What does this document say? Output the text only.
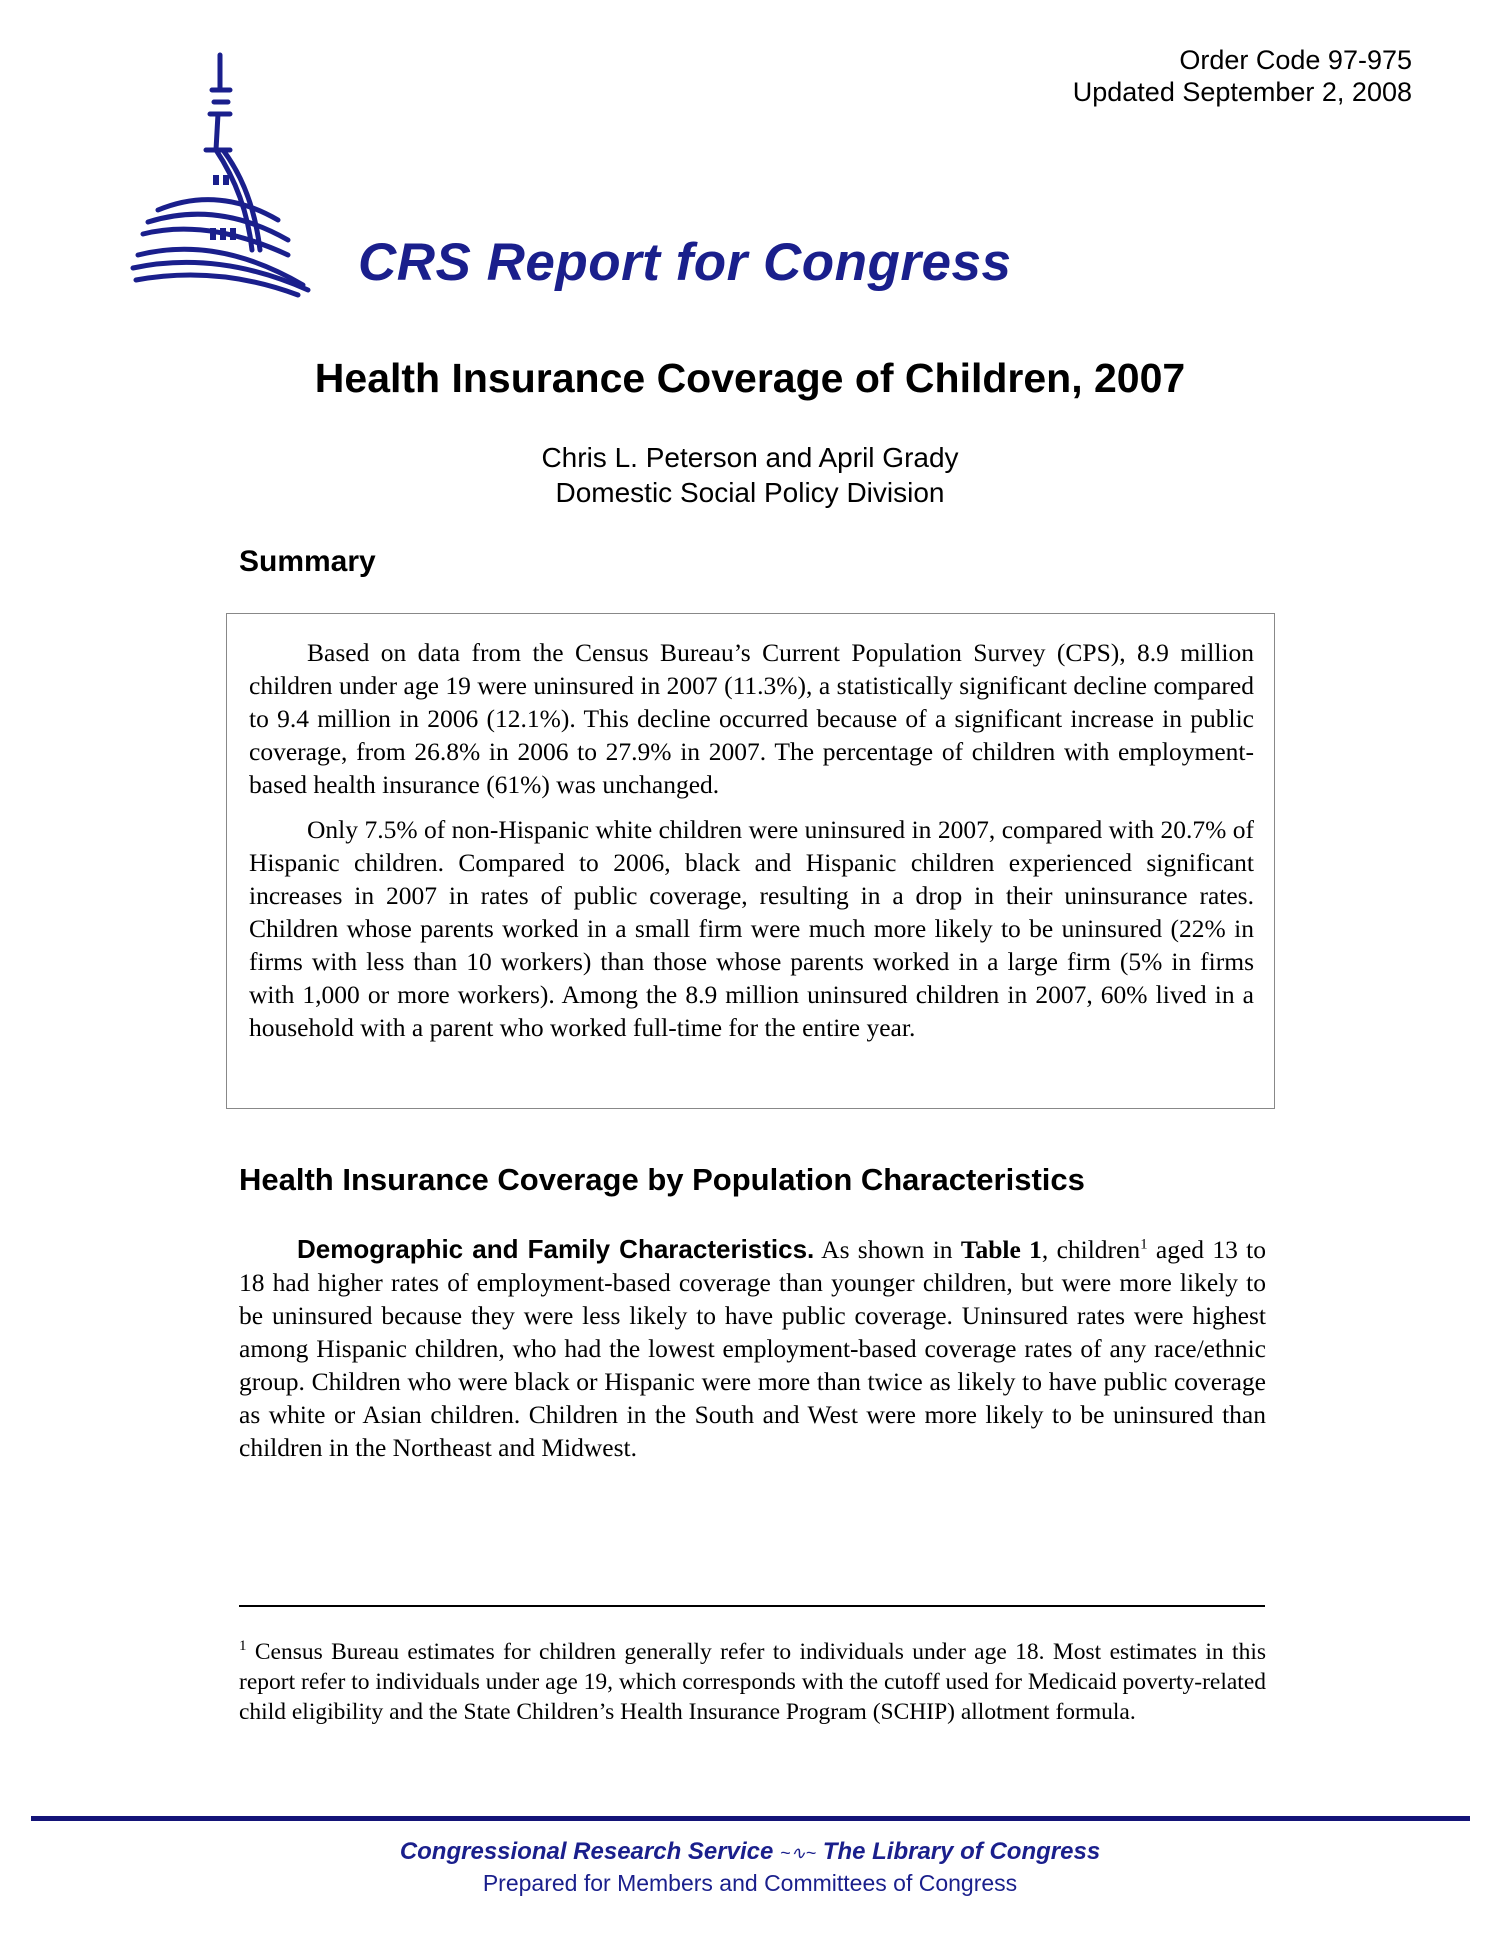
Order Code 97-975
Updated September 2, 2008
CRS Report for Congress
Health Insurance Coverage of Children, 2007
Chris L. Peterson and April Grady
Domestic Social Policy Division
Summary

Based on data from the Census Bureau’s Current Population Survey (CPS), 8.9 million children under age 19 were uninsured in 2007 (11.3%), a statistically significant decline compared to 9.4 million in 2006 (12.1%). This decline occurred because of a significant increase in public coverage, from 26.8% in 2006 to 27.9% in 2007. The percentage of children with employment-based health insurance (61%) was unchanged.

Only 7.5% of non-Hispanic white children were uninsured in 2007, compared with 20.7% of Hispanic children. Compared to 2006, black and Hispanic children experienced significant increases in 2007 in rates of public coverage, resulting in a drop in their uninsurance rates. Children whose parents worked in a small firm were much more likely to be uninsured (22% in firms with less than 10 workers) than those whose parents worked in a large firm (5% in firms with 1,000 or more workers). Among the 8.9 million uninsured children in 2007, 60% lived in a household with a parent who worked full-time for the entire year.

Health Insurance Coverage by Population Characteristics

Demographic and Family Characteristics. As shown in Table 1, children$^1$ aged 13 to 18 had higher rates of employment-based coverage than younger children, but were more likely to be uninsured because they were less likely to have public coverage. Uninsured rates were highest among Hispanic children, who had the lowest employment-based coverage rates of any race/ethnic group. Children who were black or Hispanic were more than twice as likely to have public coverage as white or Asian children. Children in the South and West were more likely to be uninsured than children in the Northeast and Midwest.

$^1$ Census Bureau estimates for children generally refer to individuals under age 18. Most estimates in this report refer to individuals under age 19, which corresponds with the cutoff used for Medicaid poverty-related child eligibility and the State Children’s Health Insurance Program (SCHIP) allotment formula.
Congressional Research Service ~∿~ The Library of Congress
Prepared for Members and Committees of Congress
